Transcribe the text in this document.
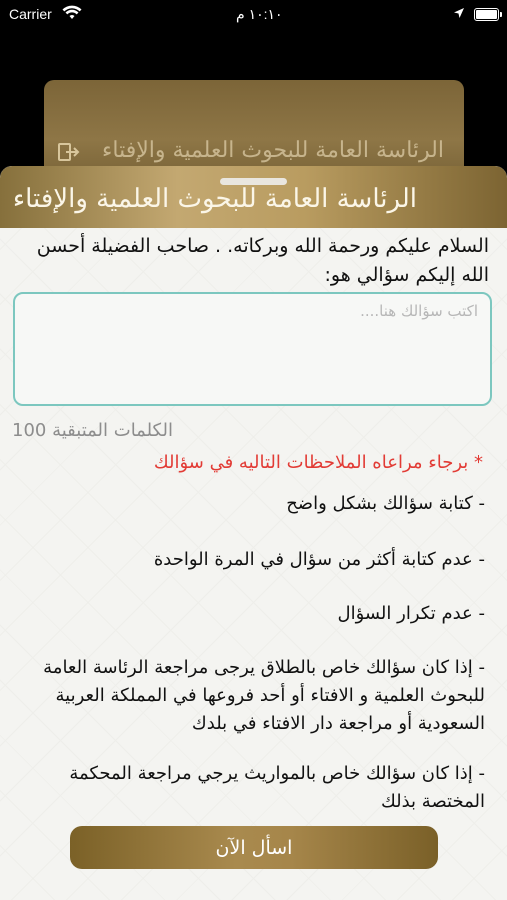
Carrier	١٠:١٠ م
الرئاسة العامة للبحوث العلمية والإفتاء
الرئاسة العامة للبحوث العلمية والإفتاء
السلام عليكم ورحمة الله وبركاته. . صاحب الفضيلة أحسن الله إليكم سؤالي هو:
اكتب سؤالك هنا....
الكلمات المتبقية 100
* برجاء مراعاه الملاحظات التاليه في سؤالك
- كتابة سؤالك بشكل واضح
- عدم كتابة أكثر من سؤال في المرة الواحدة
- عدم تكرار السؤال
- إذا كان سؤالك خاص بالطلاق يرجى مراجعة الرئاسة العامة للبحوث العلمية و الافتاء أو أحد فروعها في المملكة العربية السعودية أو مراجعة دار الافتاء في بلدك
- إذا كان سؤالك خاص بالمواريث يرجي مراجعة المحكمة المختصة بذلك
اسأل الآن
